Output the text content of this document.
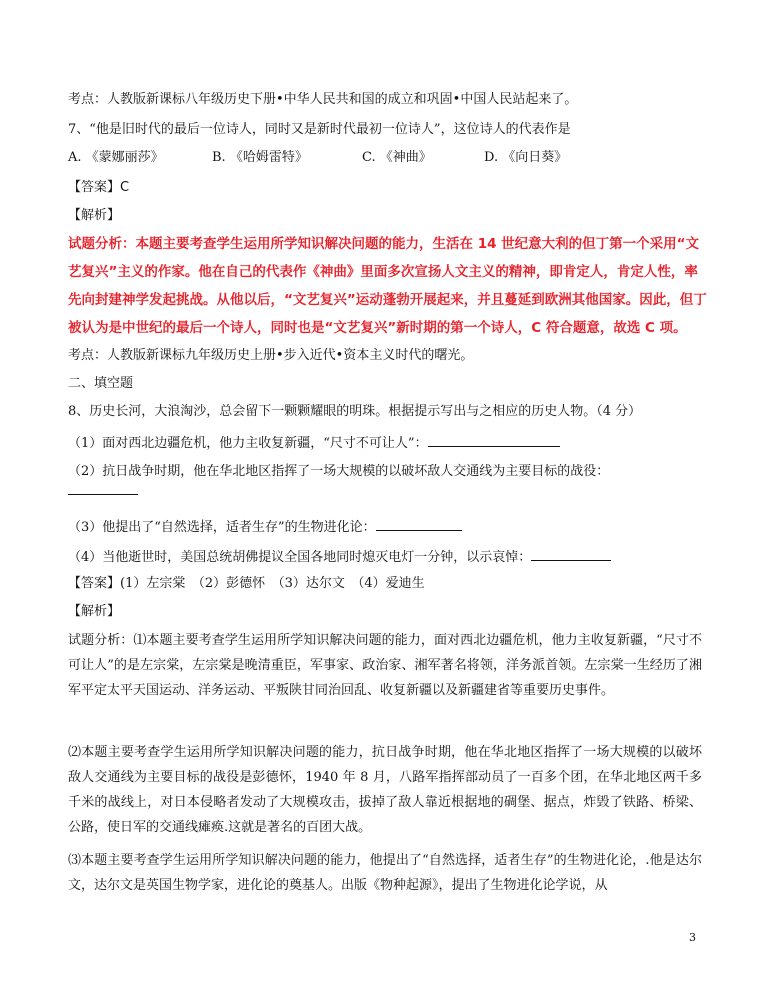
考点：人教版新课标八年级历史下册•中华人民共和国的成立和巩固•中国人民站起来了。
7、“他是旧时代的最后一位诗人，同时又是新时代最初一位诗人”，这位诗人的代表作是
A. 《蒙娜丽莎》	B. 《哈姆雷特》	C. 《神曲》	D. 《向日葵》
【答案】C
【解析】
试题分析：本题主要考查学生运用所学知识解决问题的能力，生活在 14 世纪意大利的但丁第一个采用“文
艺复兴”主义的作家。他在自己的代表作《神曲》里面多次宣扬人文主义的精神，即肯定人，肯定人性，率
先向封建神学发起挑战。从他以后，“文艺复兴”运动蓬勃开展起来，并且蔓延到欧洲其他国家。因此，但丁
被认为是中世纪的最后一个诗人，同时也是“文艺复兴”新时期的第一个诗人，C 符合题意，故选 C 项。
考点：人教版新课标九年级历史上册•步入近代•资本主义时代的曙光。
二、填空题
8、历史长河，大浪淘沙，总会留下一颗颗耀眼的明珠。根据提示写出与之相应的历史人物。（4 分）
（1）面对西北边疆危机，他力主收复新疆，“尺寸不可让人”：
（2）抗日战争时期，他在华北地区指挥了一场大规模的以破坏敌人交通线为主要目标的战役：
（3）他提出了“自然选择，适者生存”的生物进化论：
（4）当他逝世时，美国总统胡佛提议全国各地同时熄灭电灯一分钟，以示哀悼：
【答案】(1）左宗棠　（2）彭德怀　（3）达尔文　（4）爱迪生
【解析】
试题分析：⑴本题主要考查学生运用所学知识解决问题的能力，面对西北边疆危机，他力主收复新疆，“尺寸不可让人”的是左宗棠，左宗棠是晚清重臣，军事家、政治家、湘军著名将领，洋务派首领。左宗棠一生经历了湘军平定太平天国运动、洋务运动、平叛陕甘同治回乱、收复新疆以及新疆建省等重要历史事件。
⑵本题主要考查学生运用所学知识解决问题的能力，抗日战争时期，他在华北地区指挥了一场大规模的以破坏敌人交通线为主要目标的战役是彭德怀，1940 年 8 月，八路军指挥部动员了一百多个团，在华北地区两千多千米的战线上，对日本侵略者发动了大规模攻击，拔掉了敌人靠近根据地的碉堡、据点，炸毁了铁路、桥梁、公路，使日军的交通线瘫痪.这就是著名的百团大战。
⑶本题主要考查学生运用所学知识解决问题的能力，他提出了“自然选择，适者生存”的生物进化论，.他是达尔文，达尔文是英国生物学家，进化论的奠基人。出版《物种起源》，提出了生物进化论学说，从
3
